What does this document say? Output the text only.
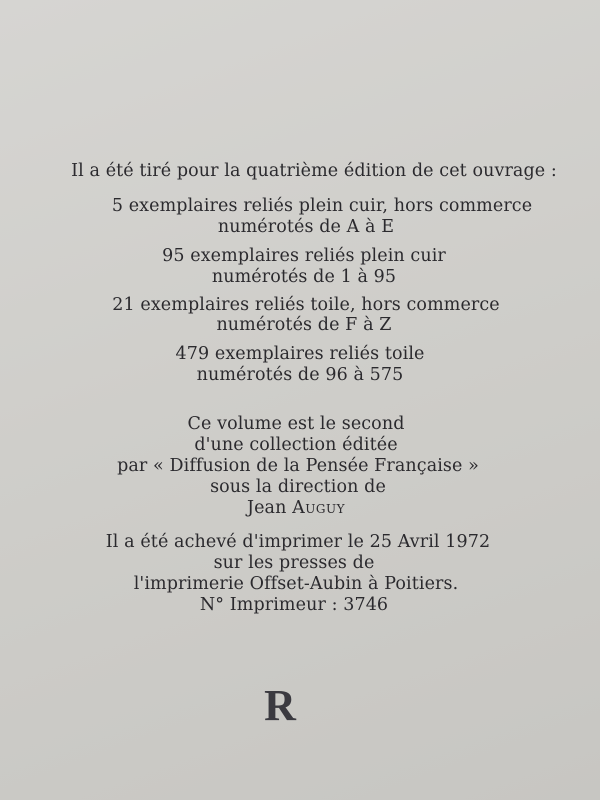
Il a été tiré pour la quatrième édition de cet ouvrage :
5 exemplaires reliés plein cuir, hors commerce
numérotés de A à E
95 exemplaires reliés plein cuir
numérotés de 1 à 95
21 exemplaires reliés toile, hors commerce
numérotés de F à Z
479 exemplaires reliés toile
numérotés de 96 à 575
Ce volume est le second
d'une collection éditée
par « Diffusion de la Pensée Française »
sous la direction de
Jean Auguy
Il a été achevé d'imprimer le 25 Avril 1972
sur les presses de
l'imprimerie Offset-Aubin à Poitiers.
N° Imprimeur : 3746
R
